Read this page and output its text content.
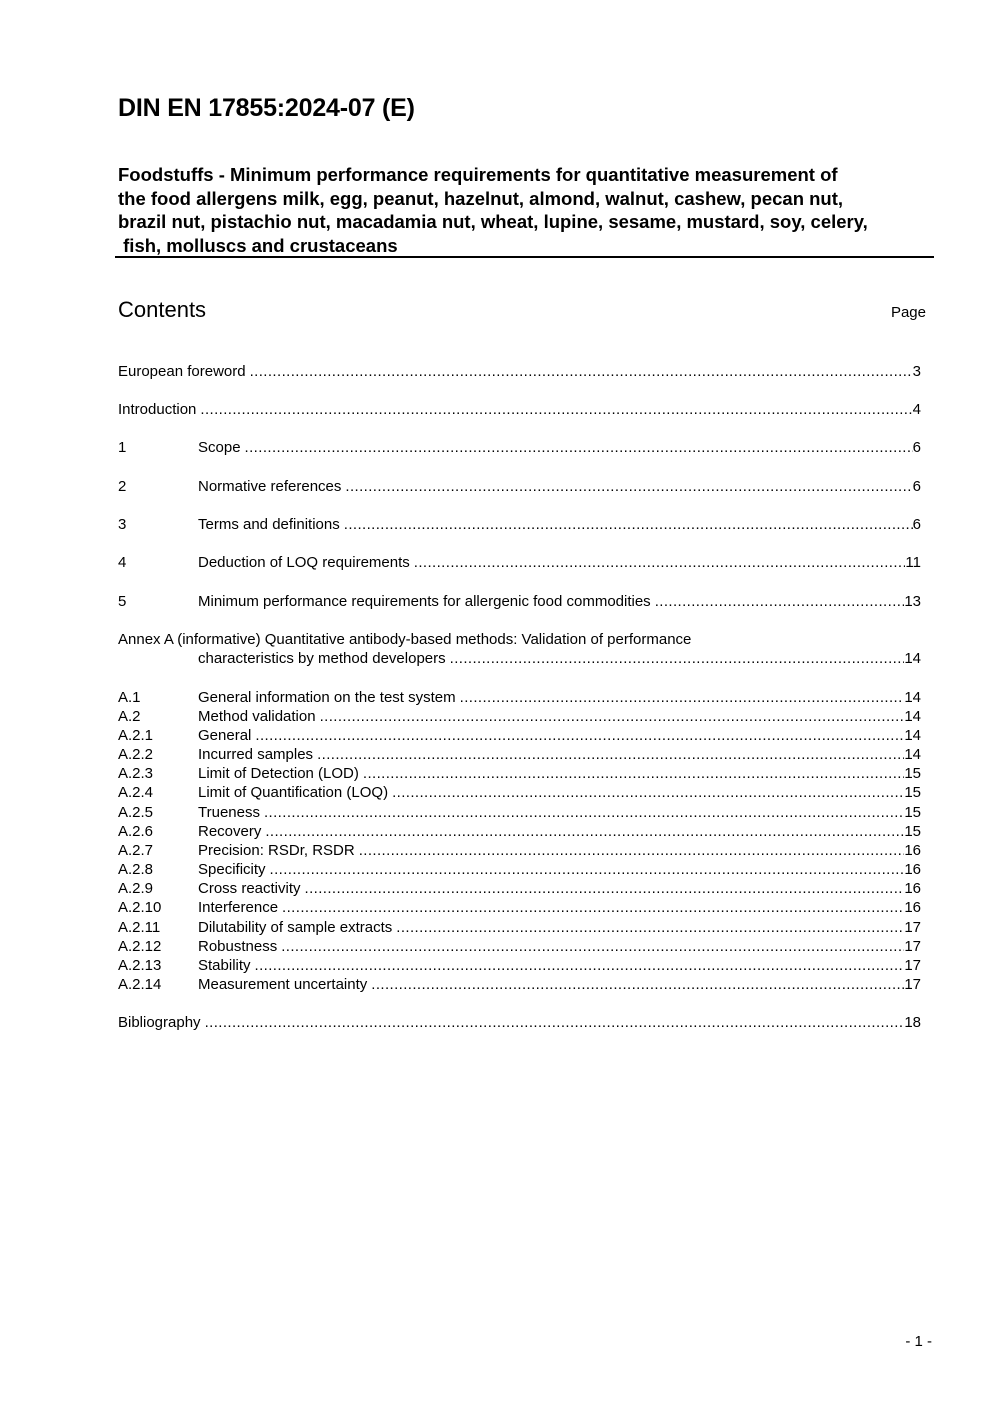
DIN EN 17855:2024-07 (E)
Foodstuffs - Minimum performance requirements for quantitative measurement of
the food allergens milk, egg, peanut, hazelnut, almond, walnut, cashew, pecan nut,
brazil nut, pistachio nut, macadamia nut, wheat, lupine, sesame, mustard, soy, celery,
fish, molluscs and crustaceans
Contents	Page
European foreword .....	3
Introduction .....	4
1	Scope .....	6
2	Normative references .....	6
3	Terms and definitions .....	6
4	Deduction of LOQ requirements .....	11
5	Minimum performance requirements for allergenic food commodities .....	13
Annex A (informative) Quantitative antibody-based methods: Validation of performance
characteristics by method developers .....	14
A.1	General information on the test system .....	14
A.2	Method validation .....	14
A.2.1	General .....	14
A.2.2	Incurred samples .....	14
A.2.3	Limit of Detection (LOD) .....	15
A.2.4	Limit of Quantification (LOQ) .....	15
A.2.5	Trueness .....	15
A.2.6	Recovery .....	15
A.2.7	Precision: RSDr, RSDR .....	16
A.2.8	Specificity .....	16
A.2.9	Cross reactivity .....	16
A.2.10	Interference .....	16
A.2.11	Dilutability of sample extracts .....	17
A.2.12	Robustness .....	17
A.2.13	Stability .....	17
A.2.14	Measurement uncertainty .....	17
Bibliography .....	18
- 1 -
